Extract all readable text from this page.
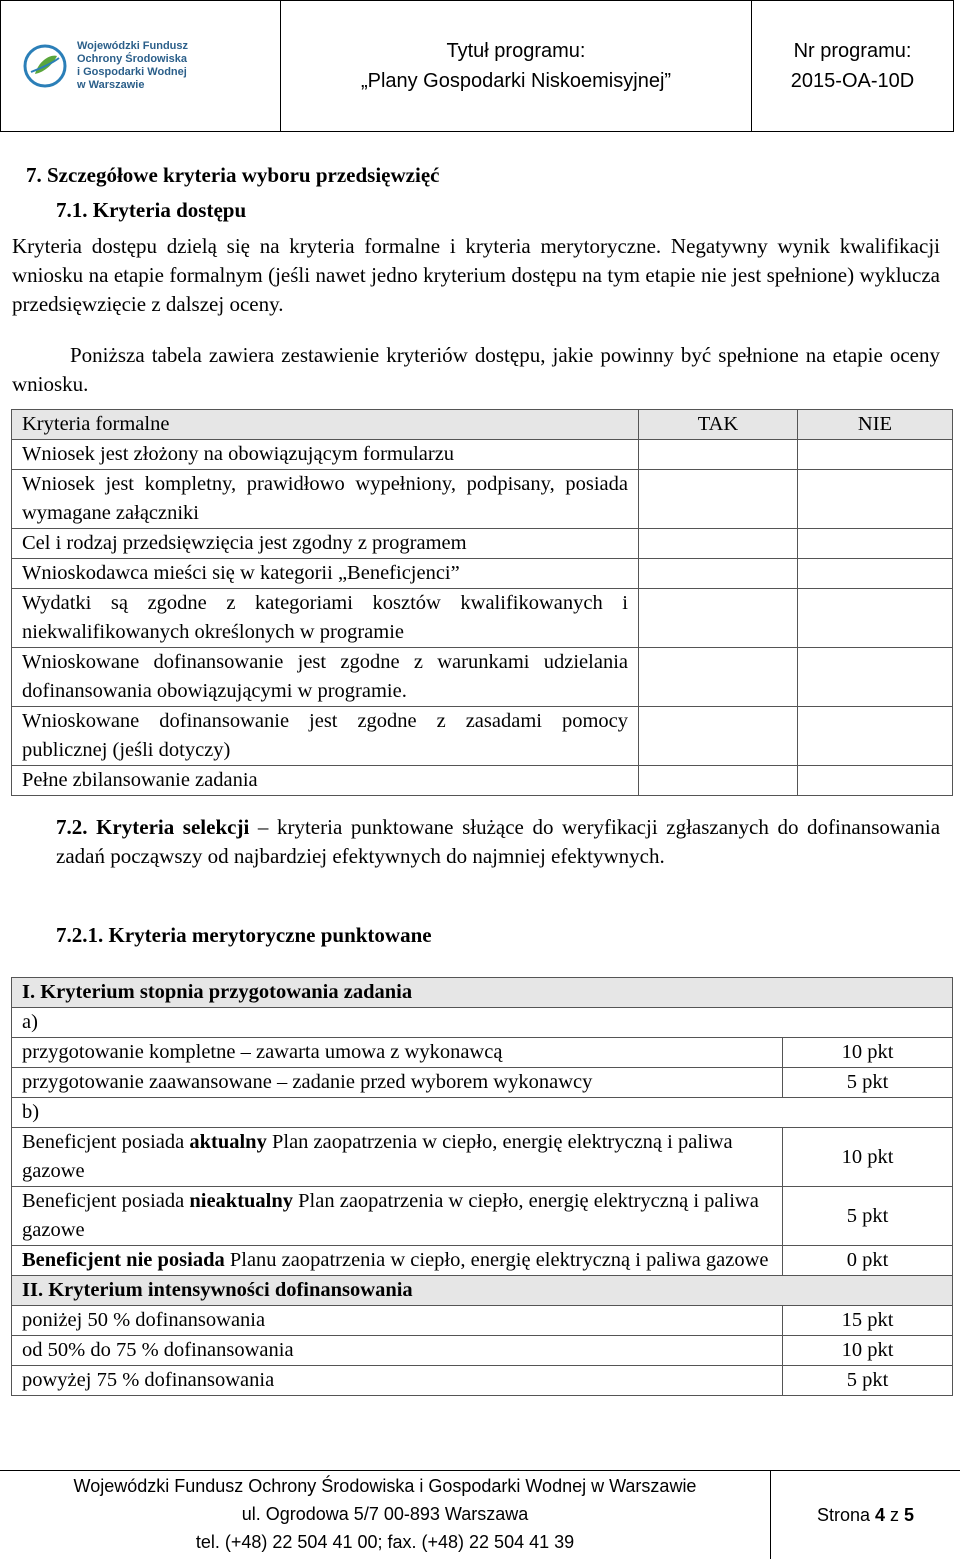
Wojewódzki Fundusz
Ochrony Środowiska
i Gospodarki Wodnej
w Warszawie
Tytuł programu:
„Plany Gospodarki Niskoemisyjnej”
Nr programu:
2015-OA-10D
7. Szczegółowe kryteria wyboru przedsięwzięć
7.1. Kryteria dostępu
Kryteria dostępu dzielą się na kryteria formalne i kryteria merytoryczne. Negatywny wynik kwalifikacji wniosku na etapie formalnym (jeśli nawet jedno kryterium dostępu na tym etapie nie jest spełnione) wyklucza przedsięwzięcie z dalszej oceny.
Poniższa tabela zawiera zestawienie kryteriów dostępu, jakie powinny być spełnione na etapie oceny wniosku.
Kryteria formalne	TAK	NIE
Wniosek jest złożony na obowiązującym formularzu		
Wniosek jest kompletny, prawidłowo wypełniony, podpisany, posiada wymagane załączniki		
Cel i rodzaj przedsięwzięcia jest zgodny z programem		
Wnioskodawca mieści się w kategorii „Beneficjenci”		
Wydatki są zgodne z kategoriami kosztów kwalifikowanych i niekwalifikowanych określonych w programie		
Wnioskowane dofinansowanie jest zgodne z warunkami udzielania dofinansowania obowiązującymi w programie.		
Wnioskowane dofinansowanie jest zgodne z zasadami pomocy publicznej (jeśli dotyczy)		
Pełne zbilansowanie zadania		
7.2. Kryteria selekcji – kryteria punktowane służące do weryfikacji zgłaszanych do dofinansowania zadań począwszy od najbardziej efektywnych do najmniej efektywnych.
7.2.1. Kryteria merytoryczne punktowane
I. Kryterium stopnia przygotowania zadania	
a)	
przygotowanie kompletne – zawarta umowa z wykonawcą	10 pkt
przygotowanie zaawansowane – zadanie przed wyborem wykonawcy	5 pkt
b)	
Beneficjent posiada aktualny Plan zaopatrzenia w ciepło, energię elektryczną i paliwa gazowe	10 pkt
Beneficjent posiada nieaktualny Plan zaopatrzenia w ciepło, energię elektryczną i paliwa gazowe	5 pkt
Beneficjent nie posiada Planu zaopatrzenia w ciepło, energię elektryczną i paliwa gazowe	0 pkt
II. Kryterium intensywności dofinansowania	
poniżej 50 % dofinansowania	15 pkt
od 50% do 75 % dofinansowania	10 pkt
powyżej 75 % dofinansowania	5 pkt
Wojewódzki Fundusz Ochrony Środowiska i Gospodarki Wodnej w Warszawie
ul. Ogrodowa 5/7 00-893 Warszawa
tel. (+48) 22 504 41 00; fax. (+48) 22 504 41 39
Strona
4
z
5
